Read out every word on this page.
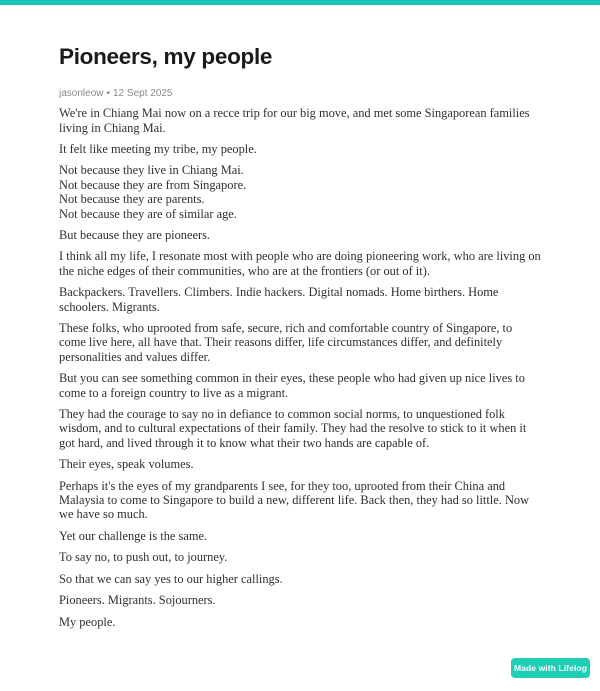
Pioneers, my people
jasonleow • 12 Sept 2025

We're in Chiang Mai now on a recce trip for our big move, and met some Singaporean families living in Chiang Mai.

It felt like meeting my tribe, my people.

Not because they live in Chiang Mai.
Not because they are from Singapore.
Not because they are parents.
Not because they are of similar age.

But because they are pioneers.

I think all my life, I resonate most with people who are doing pioneering work, who are living on the niche edges of their communities, who are at the frontiers (or out of it).

Backpackers. Travellers. Climbers. Indie hackers. Digital nomads. Home birthers. Home schoolers. Migrants.

These folks, who uprooted from safe, secure, rich and comfortable country of Singapore, to come live here, all have that. Their reasons differ, life circumstances differ, and definitely personalities and values differ.

But you can see something common in their eyes, these people who had given up nice lives to come to a foreign country to live as a migrant.

They had the courage to say no in defiance to common social norms, to unquestioned folk wisdom, and to cultural expectations of their family. They had the resolve to stick to it when it got hard, and lived through it to know what their two hands are capable of.

Their eyes, speak volumes.

Perhaps it's the eyes of my grandparents I see, for they too, uprooted from their China and Malaysia to come to Singapore to build a new, different life. Back then, they had so little. Now we have so much.

Yet our challenge is the same.

To say no, to push out, to journey.

So that we can say yes to our higher callings.

Pioneers. Migrants. Sojourners.

My people.

Made with Lifelog
